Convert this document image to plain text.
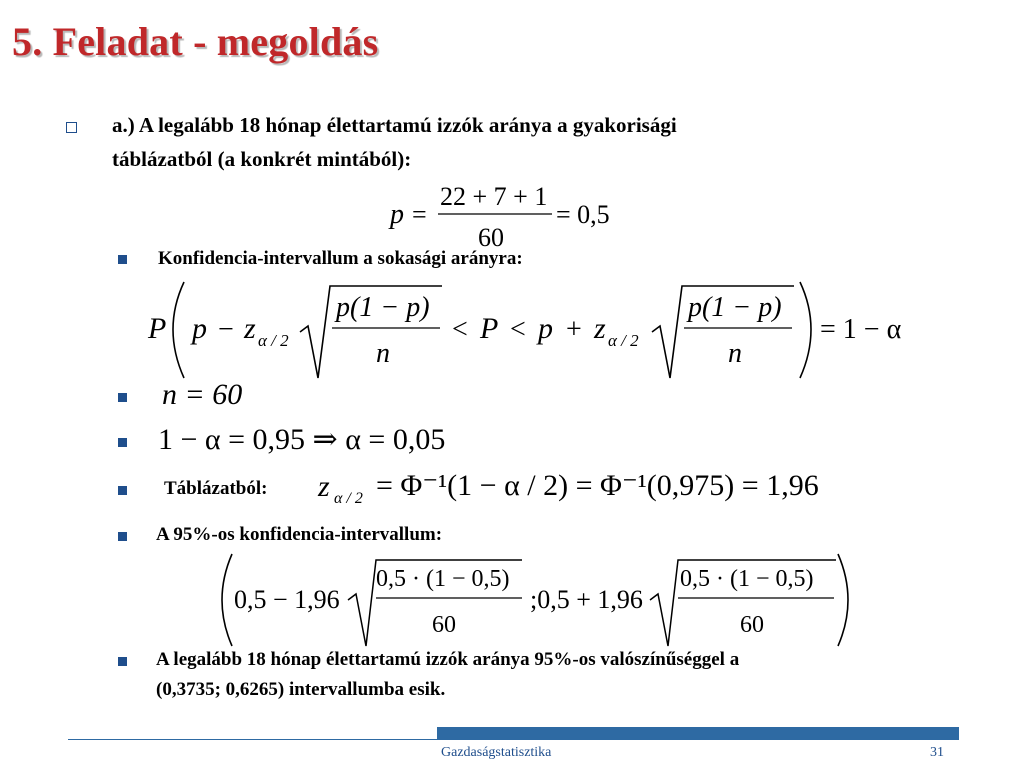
5. Feladat - megoldás
a.) A legalább 18 hónap élettartamú izzók aránya a gyakorisági
táblázatból (a konkrét mintából):
p =
22 + 7 + 1
60
= 0,5
Konfidencia-intervallum a sokasági arányra:
P p − z α / 2
p(1 − p)
n
< P < p + z α / 2
p(1 − p)
n
= 1 − α
n = 60
1 − α = 0,95 ⇒ α = 0,05
Táblázatból: z α / 2 = Φ⁻¹(1 − α / 2) = Φ⁻¹(0,975) = 1,96
A 95%-os konfidencia-intervallum:
0,5 − 1,96
0,5 · (1 − 0,5)
60
;0,5 + 1,96
0,5 · (1 − 0,5)
60
A legalább 18 hónap élettartamú izzók aránya 95%-os valószínűséggel a
(0,3735; 0,6265) intervallumba esik.
Gazdaságstatisztika	31
